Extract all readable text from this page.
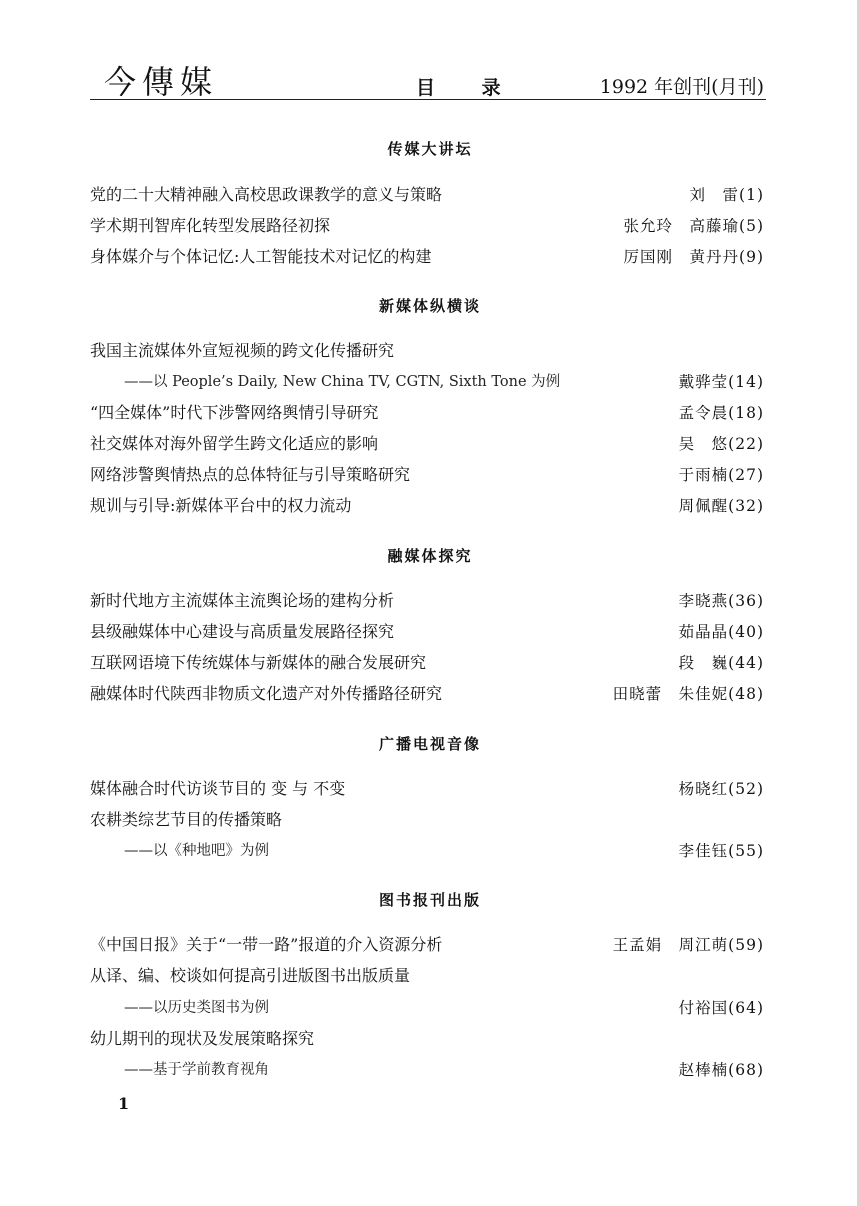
今傳媒	目 录	1992 年创刊(月刊)
传媒大讲坛
党的二十大精神融入高校思政课教学的意义与策略	刘　雷(1)
学术期刊智库化转型发展路径初探	张允玲　高藤瑜(5)
身体媒介与个体记忆:人工智能技术对记忆的构建	厉国刚　黄丹丹(9)
新媒体纵横谈
我国主流媒体外宣短视频的跨文化传播研究
——以 People’s Daily, New China TV, CGTN, Sixth Tone 为例	戴骅莹(14)
“四全媒体”时代下涉警网络舆情引导研究	孟令晨(18)
社交媒体对海外留学生跨文化适应的影响	吴　悠(22)
网络涉警舆情热点的总体特征与引导策略研究	于雨楠(27)
规训与引导:新媒体平台中的权力流动	周佩醒(32)
融媒体探究
新时代地方主流媒体主流舆论场的建构分析	李晓燕(36)
县级融媒体中心建设与高质量发展路径探究	茹晶晶(40)
互联网语境下传统媒体与新媒体的融合发展研究	段　巍(44)
融媒体时代陕西非物质文化遗产对外传播路径研究	田晓蕾　朱佳妮(48)
广播电视音像
媒体融合时代访谈节目的 变 与 不变	杨晓红(52)
农耕类综艺节目的传播策略
——以《种地吧》为例	李佳钰(55)
图书报刊出版
《中国日报》关于“一带一路”报道的介入资源分析	王孟娟　周江萌(59)
从译、编、校谈如何提高引进版图书出版质量
——以历史类图书为例	付裕国(64)
幼儿期刊的现状及发展策略探究
——基于学前教育视角	赵棒楠(68)
1
